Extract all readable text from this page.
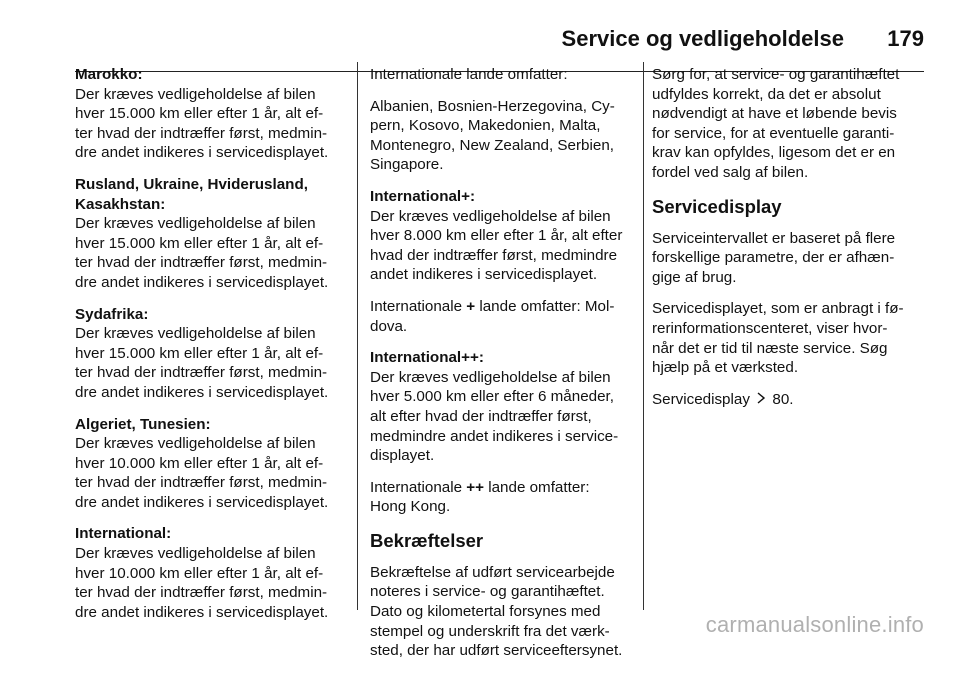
Service og vedligeholdelse 179

Marokko:

Der kræves vedligeholdelse af bilen

hver 15.000 km eller efter 1 år, alt ef-

ter hvad der indtræffer først, medmin-

dre andet indikeres i servicedisplayet.

Rusland, Ukraine, Hviderusland,

Kasakhstan:

Der kræves vedligeholdelse af bilen

hver 15.000 km eller efter 1 år, alt ef-

ter hvad der indtræffer først, medmin-

dre andet indikeres i servicedisplayet.

Sydafrika:

Der kræves vedligeholdelse af bilen

hver 15.000 km eller efter 1 år, alt ef-

ter hvad der indtræffer først, medmin-

dre andet indikeres i servicedisplayet.

Algeriet, Tunesien:

Der kræves vedligeholdelse af bilen

hver 10.000 km eller efter 1 år, alt ef-

ter hvad der indtræffer først, medmin-

dre andet indikeres i servicedisplayet.

International:

Der kræves vedligeholdelse af bilen

hver 10.000 km eller efter 1 år, alt ef-

ter hvad der indtræffer først, medmin-

dre andet indikeres i servicedisplayet.

Internationale lande omfatter:

Albanien, Bosnien-Herzegovina, Cy-

pern, Kosovo, Makedonien, Malta,

Montenegro, New Zealand, Serbien,

Singapore.

International+:

Der kræves vedligeholdelse af bilen

hver 8.000 km eller efter 1 år, alt efter

hvad der indtræffer først, medmindre

andet indikeres i servicedisplayet.

Internationale + lande omfatter: Mol-

dova.

International++:

Der kræves vedligeholdelse af bilen

hver 5.000 km eller efter 6 måneder,

alt efter hvad der indtræffer først,

medmindre andet indikeres i service-

displayet.

Internationale ++ lande omfatter:

Hong Kong.

Bekræftelser

Bekræftelse af udført servicearbejde

noteres i service- og garantihæftet.

Dato og kilometertal forsynes med

stempel og underskrift fra det værk-

sted, der har udført serviceeftersynet.

Sørg for, at service- og garantihæftet

udfyldes korrekt, da det er absolut

nødvendigt at have et løbende bevis

for service, for at eventuelle garanti-

krav kan opfyldes, ligesom det er en

fordel ved salg af bilen.

Servicedisplay

Serviceintervallet er baseret på flere

forskellige parametre, der er afhæn-

gige af brug.

Servicedisplayet, som er anbragt i fø-

rerinformationscenteret, viser hvor-

når det er tid til næste service. Søg

hjælp på et værksted.

Servicedisplay 80.

carmanualsonline.info
